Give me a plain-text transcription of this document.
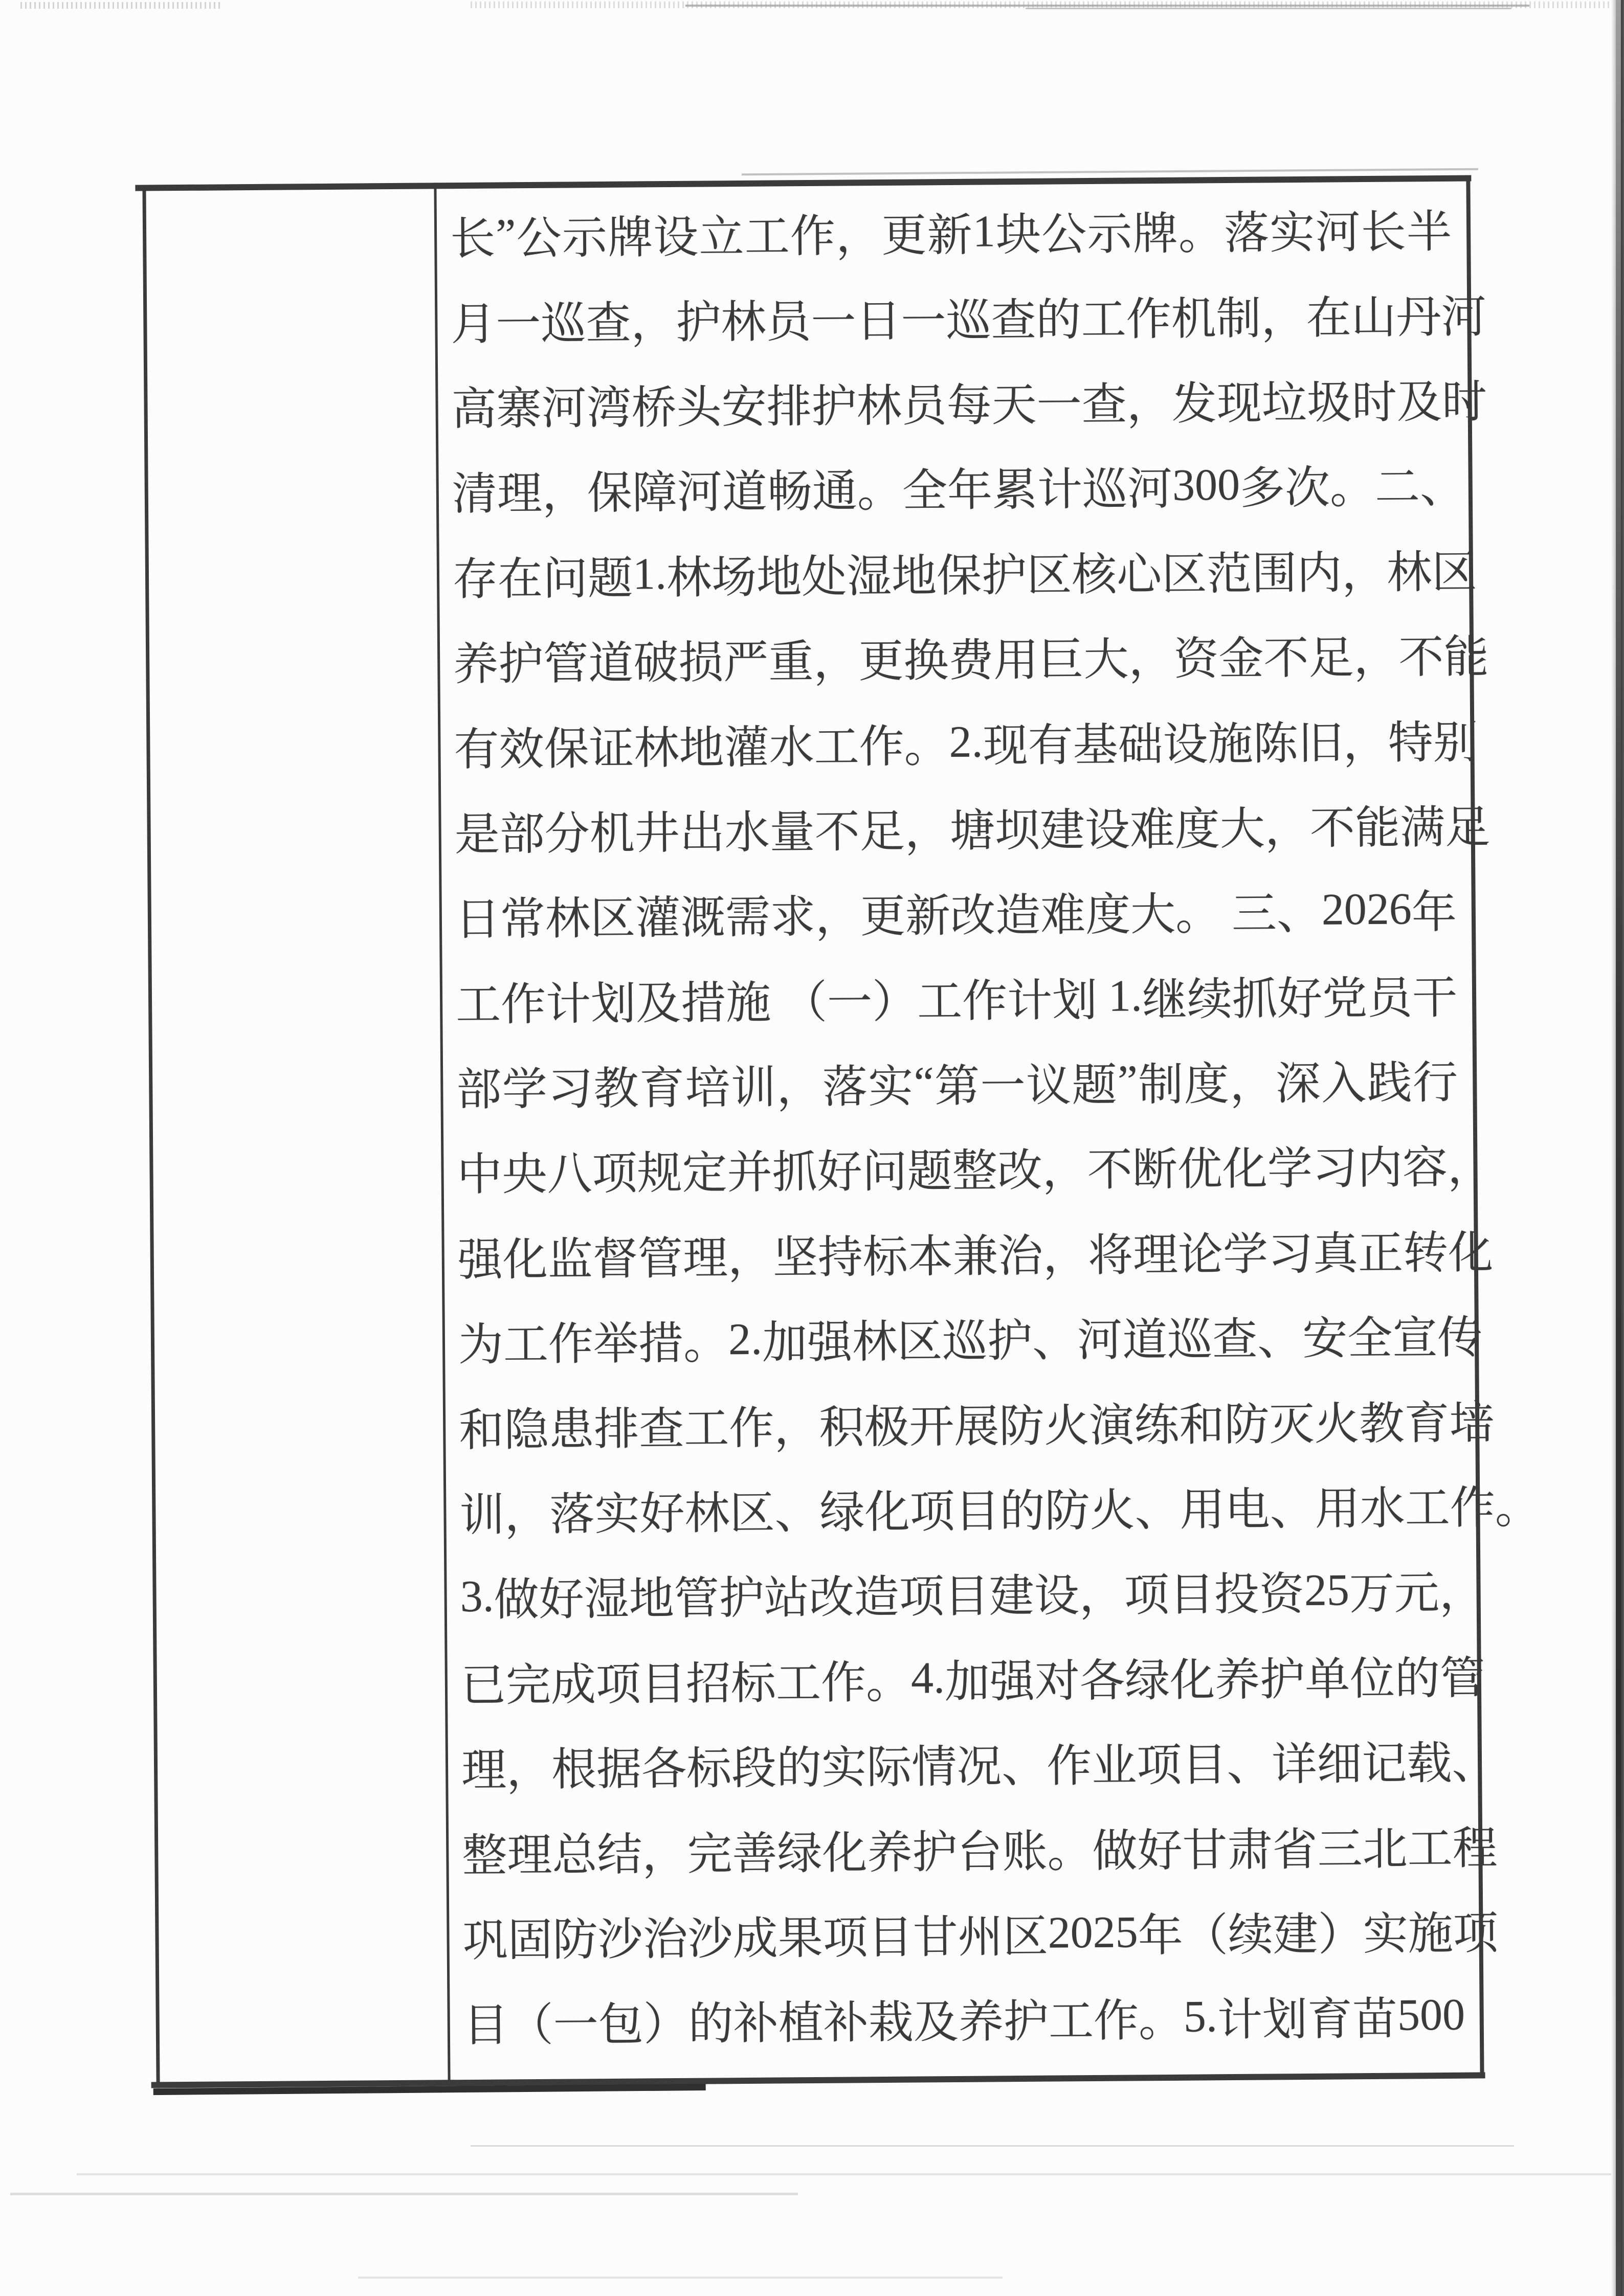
长 ” 公 示 牌 设 立 工 作 ， 更 新 1 块 公 示 牌 。 落 实 河 长 半
月 一 巡 查 ， 护 林 员 一 日 一 巡 查 的 工 作 机 制 ， 在 山 丹 河
高 寨 河 湾 桥 头 安 排 护 林 员 每 天 一 查 ， 发 现 垃 圾 时 及 时
清 理 ， 保 障 河 道 畅 通 。 全 年 累 计 巡 河 300 多 次 。 二 、
存 在 问 题 1. 林 场 地 处 湿 地 保 护 区 核 心 区 范 围 内 ， 林 区
养 护 管 道 破 损 严 重 ， 更 换 费 用 巨 大 ， 资 金 不 足 ， 不 能
有 效 保 证 林 地 灌 水 工 作 。 2. 现 有 基 础 设 施 陈 旧 ， 特 别
是 部 分 机 井 出 水 量 不 足 ， 塘 坝 建 设 难 度 大 ， 不 能 满 足
日 常 林 区 灌 溉 需 求 ， 更 新 改 造 难 度 大 。 三 、 2026 年
工 作 计 划 及 措 施 （ 一 ） 工 作 计 划 1. 继 续 抓 好 党 员 干
部 学 习 教 育 培 训 ， 落 实 “ 第 一 议 题 ” 制 度 ， 深 入 践 行
中 央 八 项 规 定 并 抓 好 问 题 整 改 ， 不 断 优 化 学 习 内 容 ，
强 化 监 督 管 理 ， 坚 持 标 本 兼 治 ， 将 理 论 学 习 真 正 转 化
为 工 作 举 措 。 2. 加 强 林 区 巡 护 、 河 道 巡 查 、 安 全 宣 传
和 隐 患 排 查 工 作 ， 积 极 开 展 防 火 演 练 和 防 灭 火 教 育 培
训 ， 落 实 好 林 区 、 绿 化 项 目 的 防 火 、 用 电 、 用 水 工 作 。
3. 做 好 湿 地 管 护 站 改 造 项 目 建 设 ， 项 目 投 资 25 万 元 ，
已 完 成 项 目 招 标 工 作 。 4. 加 强 对 各 绿 化 养 护 单 位 的 管
理 ， 根 据 各 标 段 的 实 际 情 况 、 作 业 项 目 、 详 细 记 载 、
整 理 总 结 ， 完 善 绿 化 养 护 台 账 。 做 好 甘 肃 省 三 北 工 程
巩 固 防 沙 治 沙 成 果 项 目 甘 州 区 2025 年 （ 续 建 ） 实 施 项
目 （ 一 包 ） 的 补 植 补 栽 及 养 护 工 作 。 5. 计 划 育 苗 500
